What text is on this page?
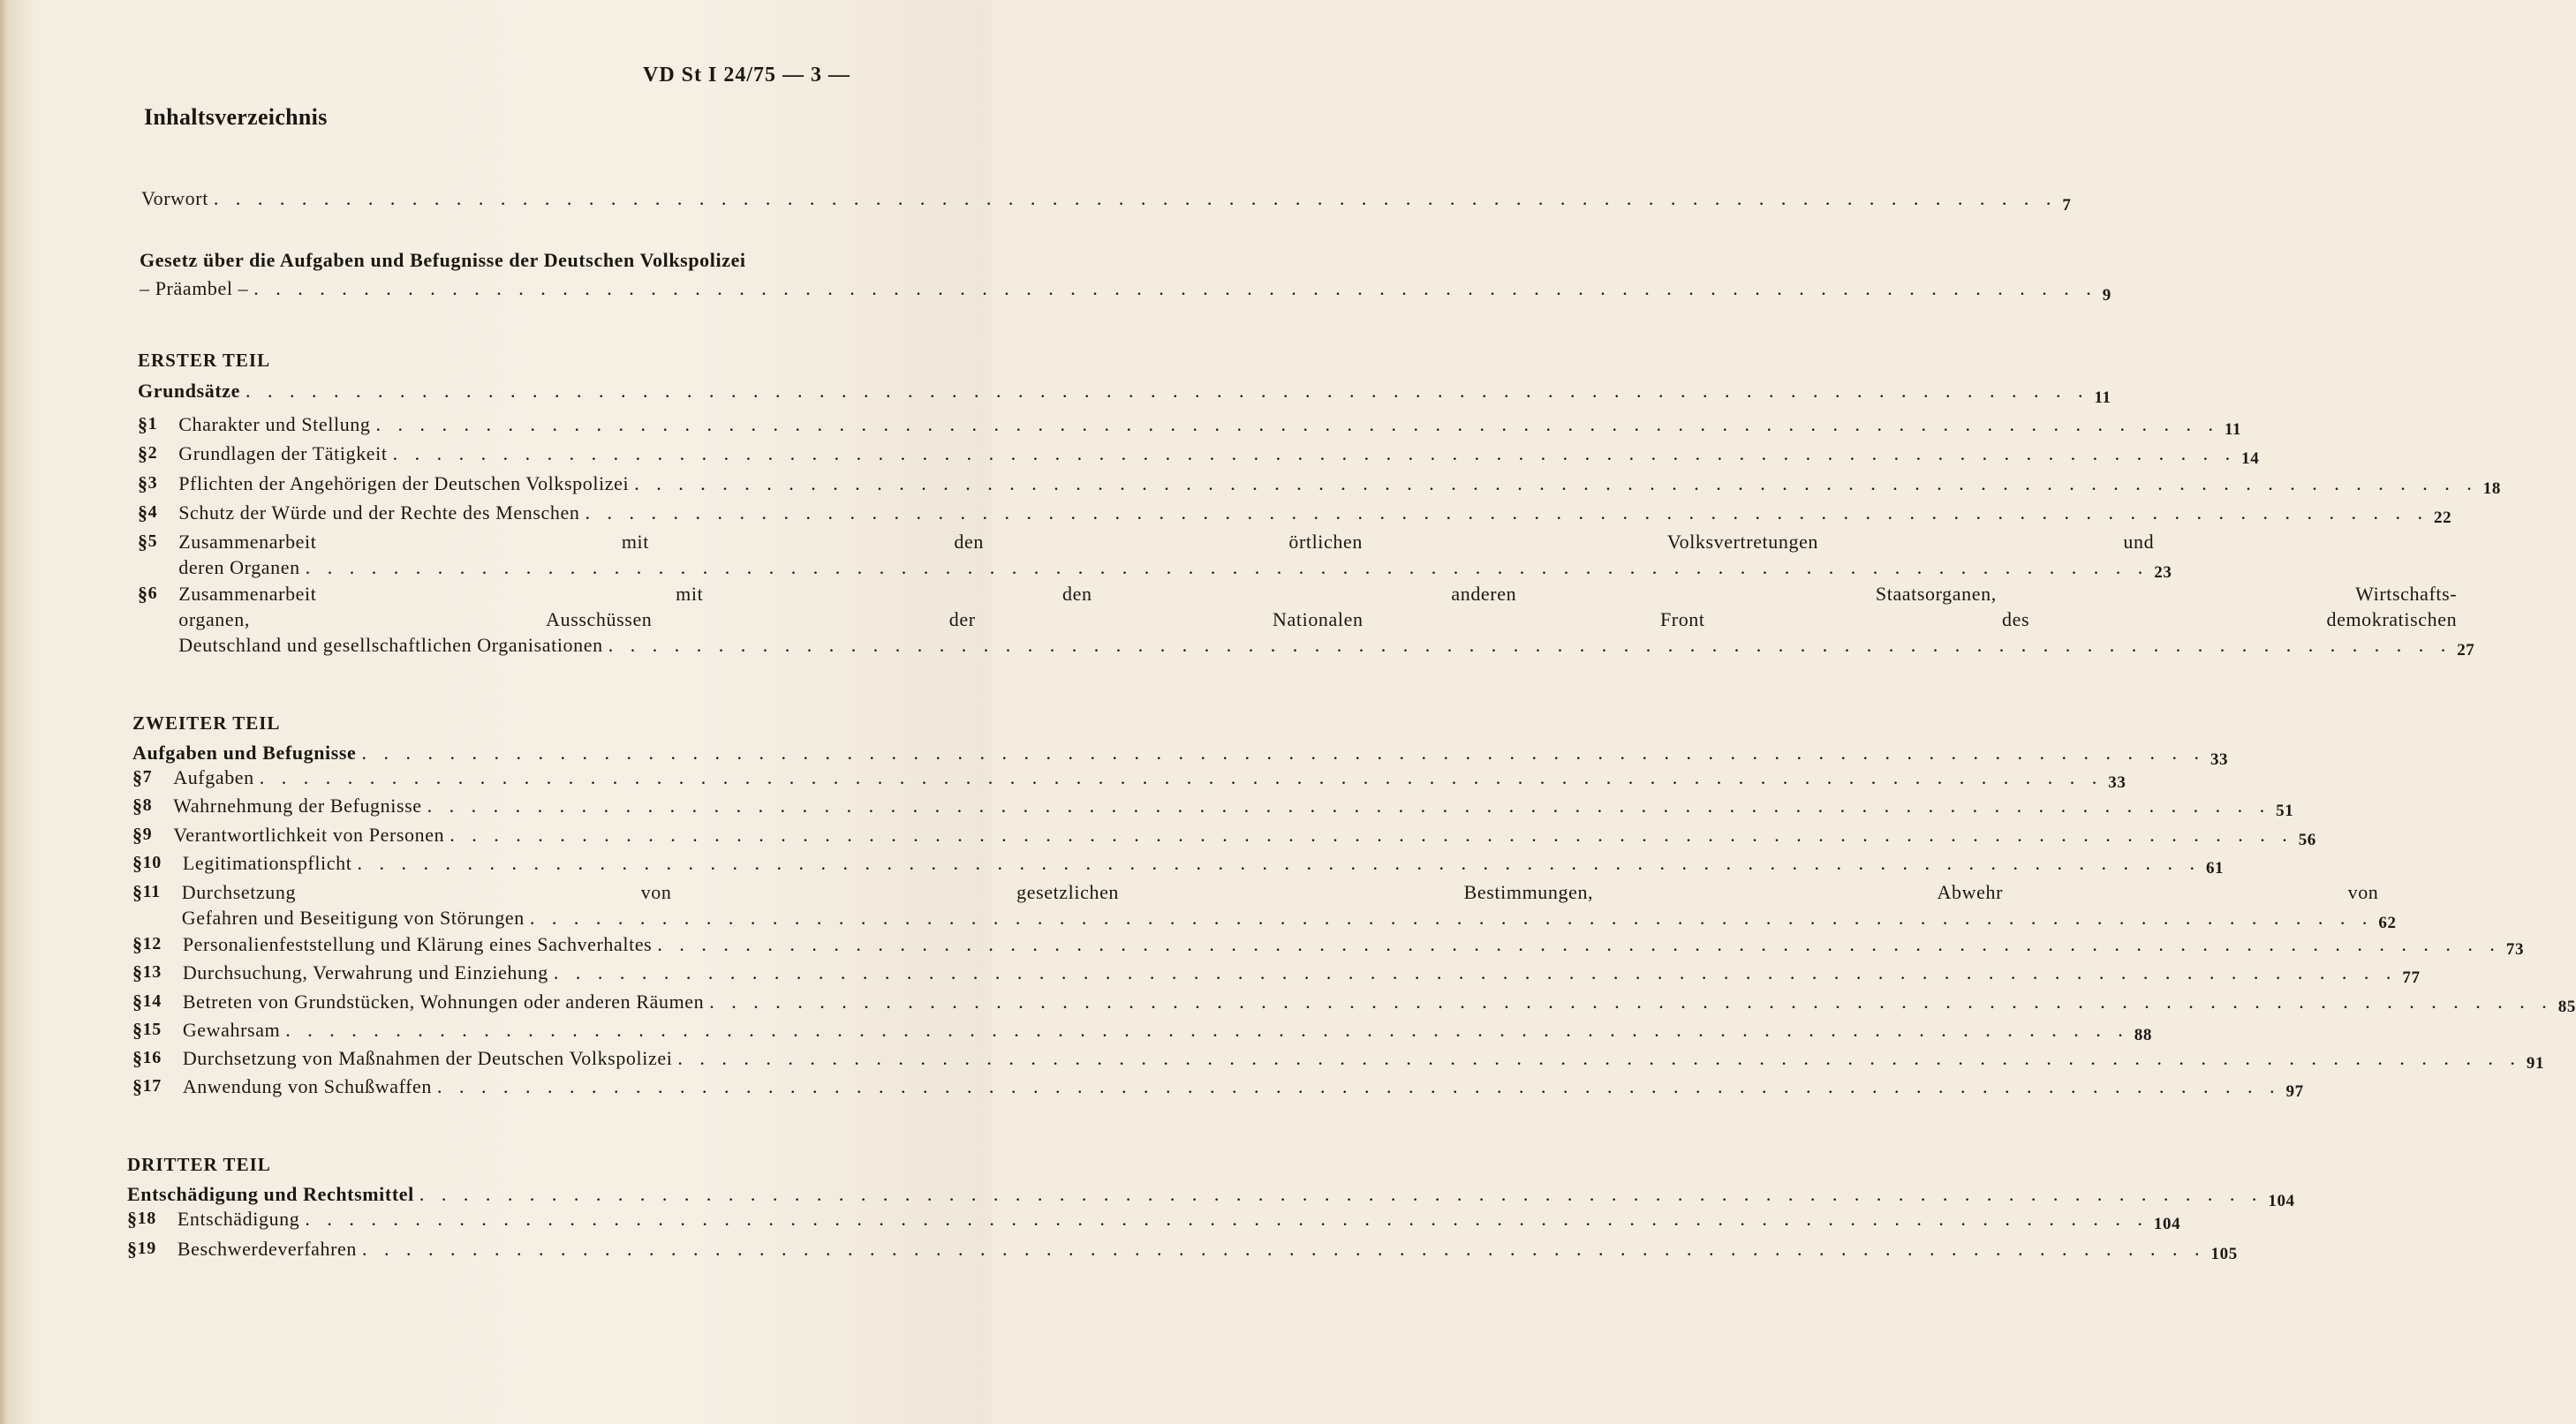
VD St I 24/75 — 3 —
Inhaltsverzeichnis
Vorwort . . .	7
Gesetz über die Aufgaben und Befugnisse der Deutschen Volkspolizei
– Präambel – . . .	9
ERSTER TEIL
Grundsätze . . .	11
§ 1 Charakter und Stellung . . .	11
§ 2 Grundlagen der Tätigkeit . . .	14
§ 3 Pflichten der Angehörigen der Deutschen Volkspolizei . . .	18
§ 4 Schutz der Würde und der Rechte des Menschen . . .	22
§ 5 Zusammenarbeit mit den örtlichen Volksvertretungen und
deren Organen . . .	23
§ 6 Zusammenarbeit mit den anderen Staatsorganen, Wirtschafts-
organen, Ausschüssen der Nationalen Front des demokratischen
Deutschland und gesellschaftlichen Organisationen . . .	27
ZWEITER TEIL
Aufgaben und Befugnisse . . .	33
§ 7 Aufgaben . . .	33
§ 8 Wahrnehmung der Befugnisse . . .	51
§ 9 Verantwortlichkeit von Personen . . .	56
§ 10 Legitimationspflicht . . .	61
§ 11 Durchsetzung von gesetzlichen Bestimmungen, Abwehr von
Gefahren und Beseitigung von Störungen . . .	62
§ 12 Personalienfeststellung und Klärung eines Sachverhaltes . . .	73
§ 13 Durchsuchung, Verwahrung und Einziehung . . .	77
§ 14 Betreten von Grundstücken, Wohnungen oder anderen Räumen . . .	85
§ 15 Gewahrsam . . .	88
§ 16 Durchsetzung von Maßnahmen der Deutschen Volkspolizei . . .	91
§ 17 Anwendung von Schußwaffen . . .	97
DRITTER TEIL
Entschädigung und Rechtsmittel . . .	104
§ 18 Entschädigung . . .	104
§ 19 Beschwerdeverfahren . . .	105
